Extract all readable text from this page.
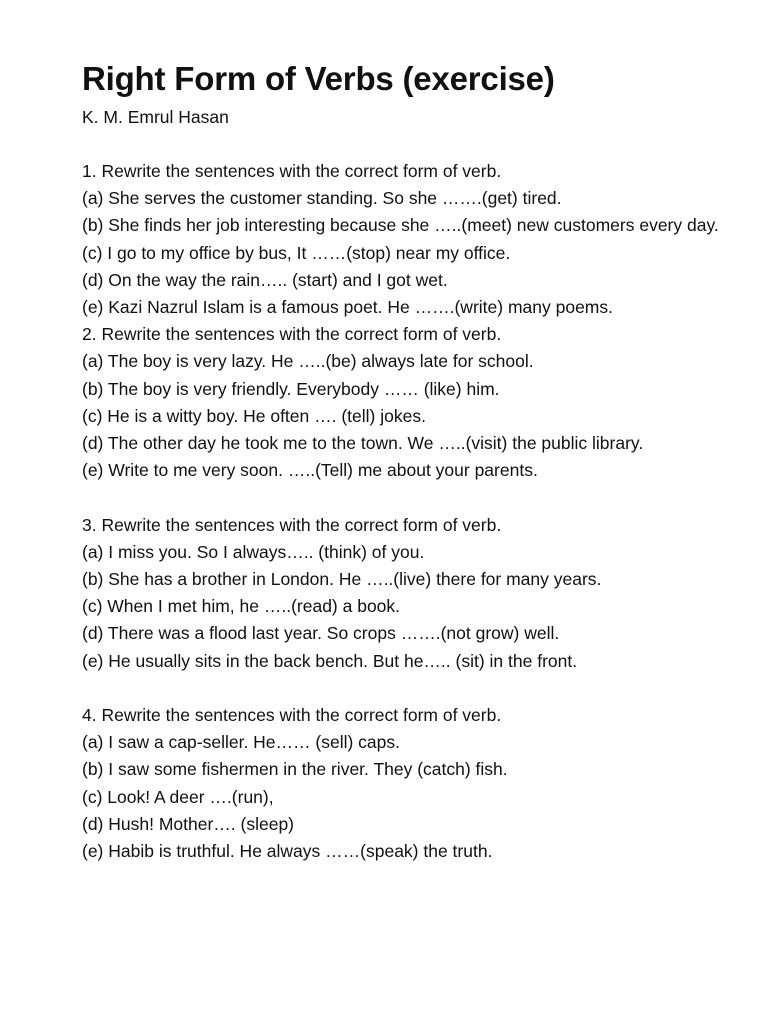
Right Form of Verbs (exercise)

K. M. Emrul Hasan

1. Rewrite the sentences with the correct form of verb.

(a) She serves the customer standing. So she …….(get) tired.

(b) She finds her job interesting because she …..(meet) new customers every day.

(c) I go to my office by bus, It ……(stop) near my office.

(d) On the way the rain….. (start) and I got wet.

(e) Kazi Nazrul Islam is a famous poet. He …….(write) many poems.

2. Rewrite the sentences with the correct form of verb.

(a) The boy is very lazy. He …..(be) always late for school.

(b) The boy is very friendly. Everybody …… (like) him.

(c) He is a witty boy. He often …. (tell) jokes.

(d) The other day he took me to the town. We …..(visit) the public library.

(e) Write to me very soon. …..(Tell) me about your parents.

3. Rewrite the sentences with the correct form of verb.

(a) I miss you. So I always….. (think) of you.

(b) She has a brother in London. He …..(live) there for many years.

(c) When I met him, he …..(read) a book.

(d) There was a flood last year. So crops …….(not grow) well.

(e) He usually sits in the back bench. But he….. (sit) in the front.

4. Rewrite the sentences with the correct form of verb.

(a) I saw a cap-seller. He…… (sell) caps.

(b) I saw some fishermen in the river. They (catch) fish.

(c) Look! A deer ….(run),

(d) Hush! Mother…. (sleep)

(e) Habib is truthful. He always ……(speak) the truth.
